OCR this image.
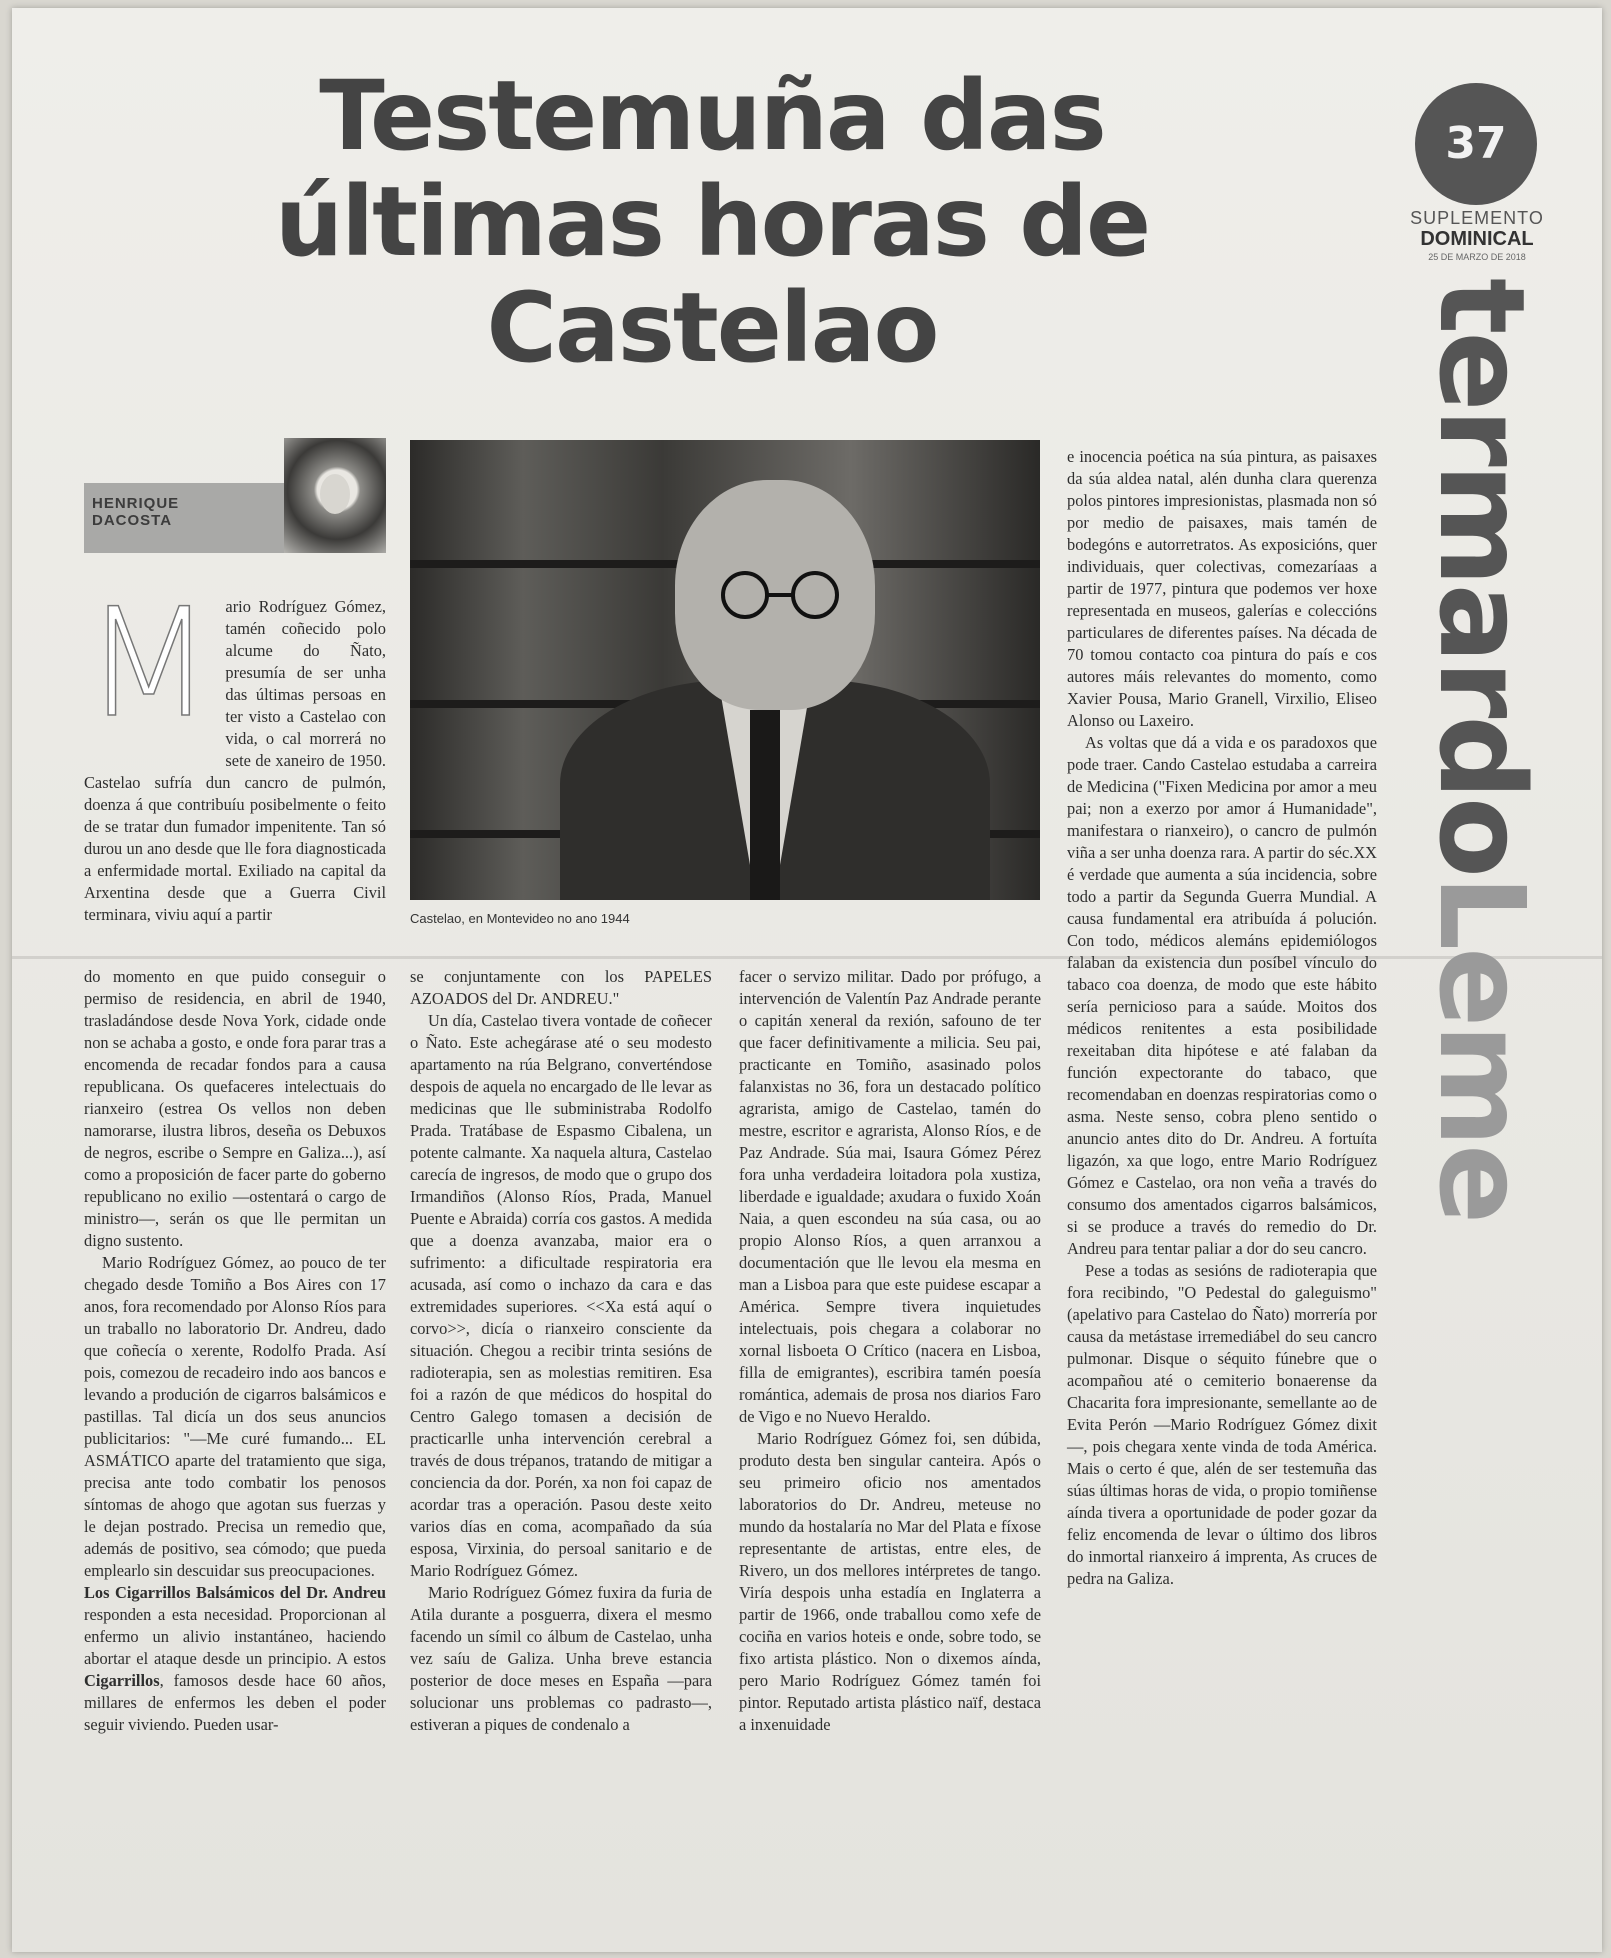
Testemuña das últimas horas de Castelao
37
SUPLEMENTO
DOMINICAL
25 DE MARZO DE 2018
termardoLeme
HENRIQUE
DACOSTA
Castelao, en Montevideo no ano 1944
M ario Rodríguez Gómez, tamén coñecido polo alcume do Ñato, presumía de ser unha das últimas persoas en ter visto a Castelao con vida, o cal morrerá no sete de xaneiro de 1950. Castelao sufría dun cancro de pulmón, doenza á que contribuíu posibelmente o feito de se tratar dun fumador impenitente. Tan só durou un ano desde que lle fora diagnosticada a enfermidade mortal. Exiliado na capital da Arxentina desde que a Guerra Civil terminara, viviu aquí a partir

do momento en que puido conseguir o permiso de residencia, en abril de 1940, trasladándose desde Nova York, cidade onde non se achaba a gosto, e onde fora parar tras a encomenda de recadar fondos para a causa republicana. Os quefaceres intelectuais do rianxeiro (estrea Os vellos non deben namorarse, ilustra libros, deseña os Debuxos de negros, escribe o Sempre en Galiza...), así como a proposición de facer parte do goberno republicano no exilio —ostentará o cargo de ministro—, serán os que lle permitan un digno sustento.

Mario Rodríguez Gómez, ao pouco de ter chegado desde Tomiño a Bos Aires con 17 anos, fora recomendado por Alonso Ríos para un traballo no laboratorio Dr. Andreu, dado que coñecía o xerente, Rodolfo Prada. Así pois, comezou de recadeiro indo aos bancos e levando a produción de cigarros balsámicos e pastillas. Tal dicía un dos seus anuncios publicitarios: "—Me curé fumando... EL ASMÁTICO aparte del tratamiento que siga, precisa ante todo combatir los penosos síntomas de ahogo que agotan sus fuerzas y le dejan postrado. Precisa un remedio que, además de positivo, sea cómodo; que pueda emplearlo sin descuidar sus preocupaciones.

Los Cigarrillos Balsámicos del Dr. Andreu responden a esta necesidad. Proporcionan al enfermo un alivio instantáneo, haciendo abortar el ataque desde un principio. A estos Cigarrillos, famosos desde hace 60 años, millares de enfermos les deben el poder seguir viviendo. Pueden usar-

se conjuntamente con los PAPELES AZOADOS del Dr. ANDREU."

Un día, Castelao tivera vontade de coñecer o Ñato. Este achegárase até o seu modesto apartamento na rúa Belgrano, converténdose despois de aquela no encargado de lle levar as medicinas que lle subministraba Rodolfo Prada. Tratábase de Espasmo Cibalena, un potente calmante. Xa naquela altura, Castelao carecía de ingresos, de modo que o grupo dos Irmandiños (Alonso Ríos, Prada, Manuel Puente e Abraida) corría cos gastos. A medida que a doenza avanzaba, maior era o sufrimento: a dificultade respiratoria era acusada, así como o inchazo da cara e das extremidades superiores. <<Xa está aquí o corvo>>, dicía o rianxeiro consciente da situación. Chegou a recibir trinta sesións de radioterapia, sen as molestias remitiren. Esa foi a razón de que médicos do hospital do Centro Galego tomasen a decisión de practicarlle unha intervención cerebral a través de dous trépanos, tratando de mitigar a conciencia da dor. Porén, xa non foi capaz de acordar tras a operación. Pasou deste xeito varios días en coma, acompañado da súa esposa, Virxinia, do persoal sanitario e de Mario Rodríguez Gómez.

Mario Rodríguez Gómez fuxira da furia de Atila durante a posguerra, dixera el mesmo facendo un símil co álbum de Castelao, unha vez saíu de Galiza. Unha breve estancia posterior de doce meses en España —para solucionar uns problemas co padrasto—, estiveran a piques de condenalo a

facer o servizo militar. Dado por prófugo, a intervención de Valentín Paz Andrade perante o capitán xeneral da rexión, safouno de ter que facer definitivamente a milicia. Seu pai, practicante en Tomiño, asasinado polos falanxistas no 36, fora un destacado político agrarista, amigo de Castelao, tamén do mestre, escritor e agrarista, Alonso Ríos, e de Paz Andrade. Súa mai, Isaura Gómez Pérez fora unha verdadeira loitadora pola xustiza, liberdade e igualdade; axudara o fuxido Xoán Naia, a quen escondeu na súa casa, ou ao propio Alonso Ríos, a quen arranxou a documentación que lle levou ela mesma en man a Lisboa para que este puidese escapar a América. Sempre tivera inquietudes intelectuais, pois chegara a colaborar no xornal lisboeta O Crítico (nacera en Lisboa, filla de emigrantes), escribira tamén poesía romántica, ademais de prosa nos diarios Faro de Vigo e no Nuevo Heraldo.

Mario Rodríguez Gómez foi, sen dúbida, produto desta ben singular canteira. Após o seu primeiro oficio nos amentados laboratorios do Dr. Andreu, meteuse no mundo da hostalaría no Mar del Plata e fíxose representante de artistas, entre eles, de Rivero, un dos mellores intérpretes de tango. Viría despois unha estadía en Inglaterra a partir de 1966, onde traballou como xefe de cociña en varios hoteis e onde, sobre todo, se fixo artista plástico. Non o dixemos aínda, pero Mario Rodríguez Gómez tamén foi pintor. Reputado artista plástico naïf, destaca a inxenuidade

e inocencia poética na súa pintura, as paisaxes da súa aldea natal, alén dunha clara querenza polos pintores impresionistas, plasmada non só por medio de paisaxes, mais tamén de bodegóns e autorretratos. As exposicións, quer individuais, quer colectivas, comezaríaas a partir de 1977, pintura que podemos ver hoxe representada en museos, galerías e coleccións particulares de diferentes países. Na década de 70 tomou contacto coa pintura do país e cos autores máis relevantes do momento, como Xavier Pousa, Mario Granell, Virxilio, Eliseo Alonso ou Laxeiro.

As voltas que dá a vida e os paradoxos que pode traer. Cando Castelao estudaba a carreira de Medicina ("Fixen Medicina por amor a meu pai; non a exerzo por amor á Humanidade", manifestara o rianxeiro), o cancro de pulmón viña a ser unha doenza rara. A partir do séc.XX é verdade que aumenta a súa incidencia, sobre todo a partir da Segunda Guerra Mundial. A causa fundamental era atribuída á polución. Con todo, médicos alemáns epidemiólogos falaban da existencia dun posíbel vínculo do tabaco coa doenza, de modo que este hábito sería pernicioso para a saúde. Moitos dos médicos renitentes a esta posibilidade rexeitaban dita hipótese e até falaban da función expectorante do tabaco, que recomendaban en doenzas respiratorias como o asma. Neste senso, cobra pleno sentido o anuncio antes dito do Dr. Andreu. A fortuíta ligazón, xa que logo, entre Mario Rodríguez Gómez e Castelao, ora non veña a través do consumo dos amentados cigarros balsámicos, si se produce a través do remedio do Dr. Andreu para tentar paliar a dor do seu cancro.

Pese a todas as sesións de radioterapia que fora recibindo, "O Pedestal do galeguismo" (apelativo para Castelao do Ñato) morrería por causa da metástase irremediábel do seu cancro pulmonar. Disque o séquito fúnebre que o acompañou até o cemiterio bonaerense da Chacarita fora impresionante, semellante ao de Evita Perón —Mario Rodríguez Gómez dixit—, pois chegara xente vinda de toda América. Mais o certo é que, alén de ser testemuña das súas últimas horas de vida, o propio tomiñense aínda tivera a oportunidade de poder gozar da feliz encomenda de levar o último dos libros do inmortal rianxeiro á imprenta, As cruces de pedra na Galiza.
